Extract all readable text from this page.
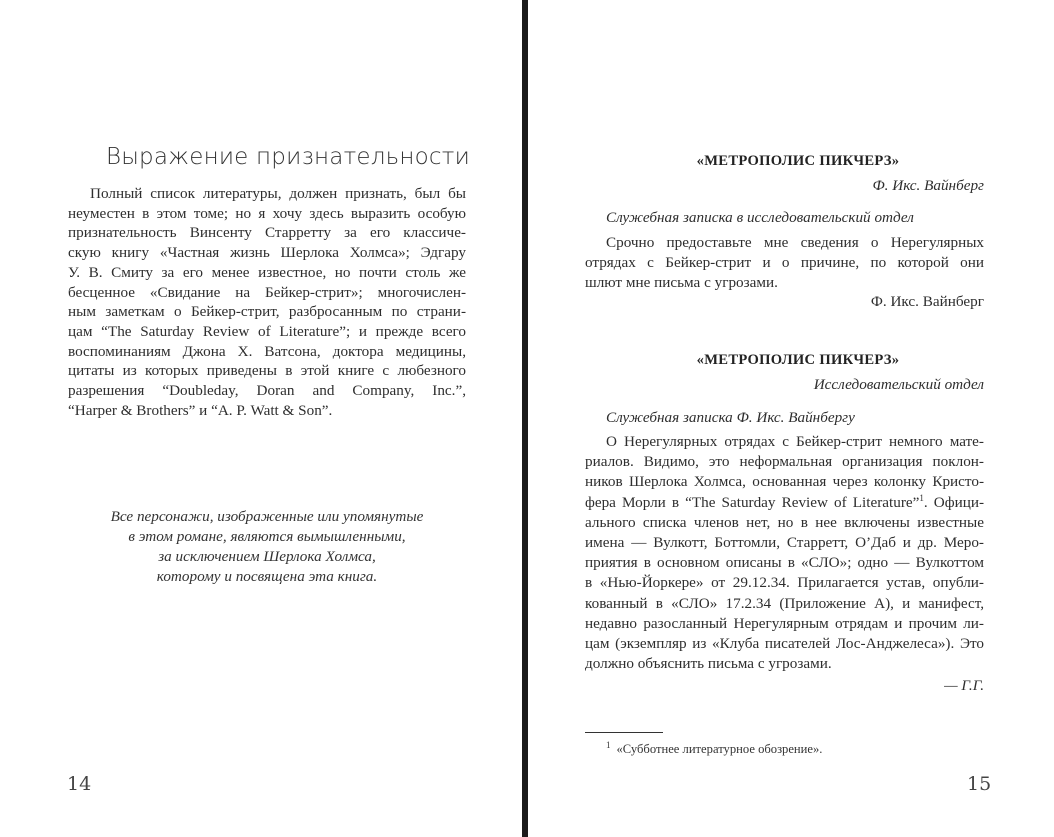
Выражение признательности
Полный список литературы, должен признать, был бы
неуместен в этом томе; но я хочу здесь выразить особую
признательность Винсенту Старретту за его классиче-
скую книгу «Частная жизнь Шерлока Холмса»; Эдгару
У. В. Смиту за его менее известное, но почти столь же
бесценное «Свидание на Бейкер-стрит»; многочислен-
ным заметкам о Бейкер-стрит, разбросанным по страни-
цам “The Saturday Review of Literature”; и прежде всего
воспоминаниям Джона Х. Ватсона, доктора медицины,
цитаты из которых приведены в этой книге с любезного
разрешения “Doubleday, Doran and Company, Inc.”,
“Harper & Brothers” и “A. P. Watt & Son”.
Все персонажи, изображенные или упомянутые
в этом романе, являются вымышленными,
за исключением Шерлока Холмса,
которому и посвящена эта книга.
14

«МЕТРОПОЛИС ПИКЧЕРЗ»

Ф. Икс. Вайнберг

Служебная записка в исследовательский отдел

Срочно предоставьте мне сведения о Нерегулярных
отрядах с Бейкер-стрит и о причине, по которой они
шлют мне письма с угрозами.

Ф. Икс. Вайнберг

«МЕТРОПОЛИС ПИКЧЕРЗ»

Исследовательский отдел

Служебная записка Ф. Икс. Вайнбергу

О Нерегулярных отрядах с Бейкер-стрит немного мате-
риалов. Видимо, это неформальная организация поклон-
ников Шерлока Холмса, основанная через колонку Кристо-
фера Морли в “The Saturday Review of Literature”$^1$. Офици-
ального списка членов нет, но в нее включены известные
имена — Вулкотт, Боттомли, Старретт, О’Даб и др. Меро-
приятия в основном описаны в «СЛО»; одно — Вулкоттом
в «Нью-Йоркере» от 29.12.34. Прилагается устав, опубли-
кованный в «СЛО» 17.2.34 (Приложение А), и манифест,
недавно разосланный Нерегулярным отрядам и прочим ли-
цам (экземпляр из «Клуба писателей Лос-Анджелеса»). Это
должно объяснить письма с угрозами.

— Г.Г.

$^1$ «Субботнее литературное обозрение».

15
